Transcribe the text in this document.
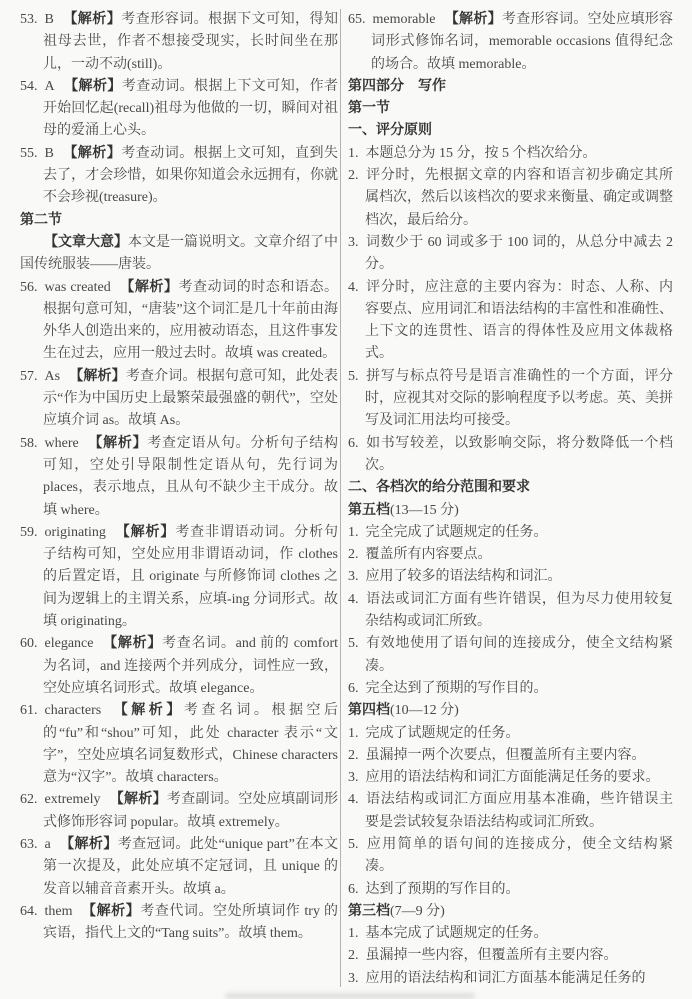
53. B 【解析】考查形容词。根据下文可知，得知祖母去世，作者不想接受现实，长时间坐在那儿，一动不动(still)。

54. A 【解析】考查动词。根据上下文可知，作者开始回忆起(recall)祖母为他做的一切，瞬间对祖母的爱涌上心头。

55. B 【解析】考查动词。根据上文可知，直到失去了，才会珍惜，如果你知道会永远拥有，你就不会珍视(treasure)。

第二节

【文章大意】本文是一篇说明文。文章介绍了中国传统服装——唐装。

56. was created 【解析】考查动词的时态和语态。根据句意可知，“唐装”这个词汇是几十年前由海外华人创造出来的，应用被动语态，且这件事发生在过去，应用一般过去时。故填 was created。

57. As 【解析】考查介词。根据句意可知，此处表示“作为中国历史上最繁荣最强盛的朝代”，空处应填介词 as。故填 As。

58. where 【解析】考查定语从句。分析句子结构可知，空处引导限制性定语从句，先行词为 places，表示地点，且从句不缺少主干成分。故填 where。

59. originating 【解析】考查非谓语动词。分析句子结构可知，空处应用非谓语动词，作 clothes 的后置定语，且 originate 与所修饰词 clothes 之间为逻辑上的主谓关系，应填-ing 分词形式。故填 originating。

60. elegance 【解析】考查名词。and 前的 comfort 为名词，and 连接两个并列成分，词性应一致，空处应填名词形式。故填 elegance。

61. characters 【解析】考查名词。根据空后的“fu”和“shou”可知，此处 character 表示“文字”，空处应填名词复数形式，Chinese characters 意为“汉字”。故填 characters。

62. extremely 【解析】考查副词。空处应填副词形式修饰形容词 popular。故填 extremely。

63. a 【解析】考查冠词。此处“unique part”在本文第一次提及，此处应填不定冠词，且 unique 的发音以辅音音素开头。故填 a。

64. them 【解析】考查代词。空处所填词作 try 的宾语，指代上文的“Tang suits”。故填 them。

65. memorable 【解析】考查形容词。空处应填形容词形式修饰名词，memorable occasions 值得纪念的场合。故填 memorable。

第四部分　写作

第一节

一、评分原则

1. 本题总分为 15 分，按 5 个档次给分。

2. 评分时，先根据文章的内容和语言初步确定其所属档次，然后以该档次的要求来衡量、确定或调整档次，最后给分。

3. 词数少于 60 词或多于 100 词的，从总分中减去 2 分。

4. 评分时，应注意的主要内容为：时态、人称、内容要点、应用词汇和语法结构的丰富性和准确性、上下文的连贯性、语言的得体性及应用文体裁格式。

5. 拼写与标点符号是语言准确性的一个方面，评分时，应视其对交际的影响程度予以考虑。英、美拼写及词汇用法均可接受。

6. 如书写较差，以致影响交际，将分数降低一个档次。

二、各档次的给分范围和要求

第五档(13—15 分)

1. 完全完成了试题规定的任务。

2. 覆盖所有内容要点。

3. 应用了较多的语法结构和词汇。

4. 语法或词汇方面有些许错误，但为尽力使用较复杂结构或词汇所致。

5. 有效地使用了语句间的连接成分，使全文结构紧凑。

6. 完全达到了预期的写作目的。

第四档(10—12 分)

1. 完成了试题规定的任务。

2. 虽漏掉一两个次要点，但覆盖所有主要内容。

3. 应用的语法结构和词汇方面能满足任务的要求。

4. 语法结构或词汇方面应用基本准确，些许错误主要是尝试较复杂语法结构或词汇所致。

5. 应用简单的语句间的连接成分，使全文结构紧凑。

6. 达到了预期的写作目的。

第三档(7—9 分)

1. 基本完成了试题规定的任务。

2. 虽漏掉一些内容，但覆盖所有主要内容。

3. 应用的语法结构和词汇方面基本能满足任务的
